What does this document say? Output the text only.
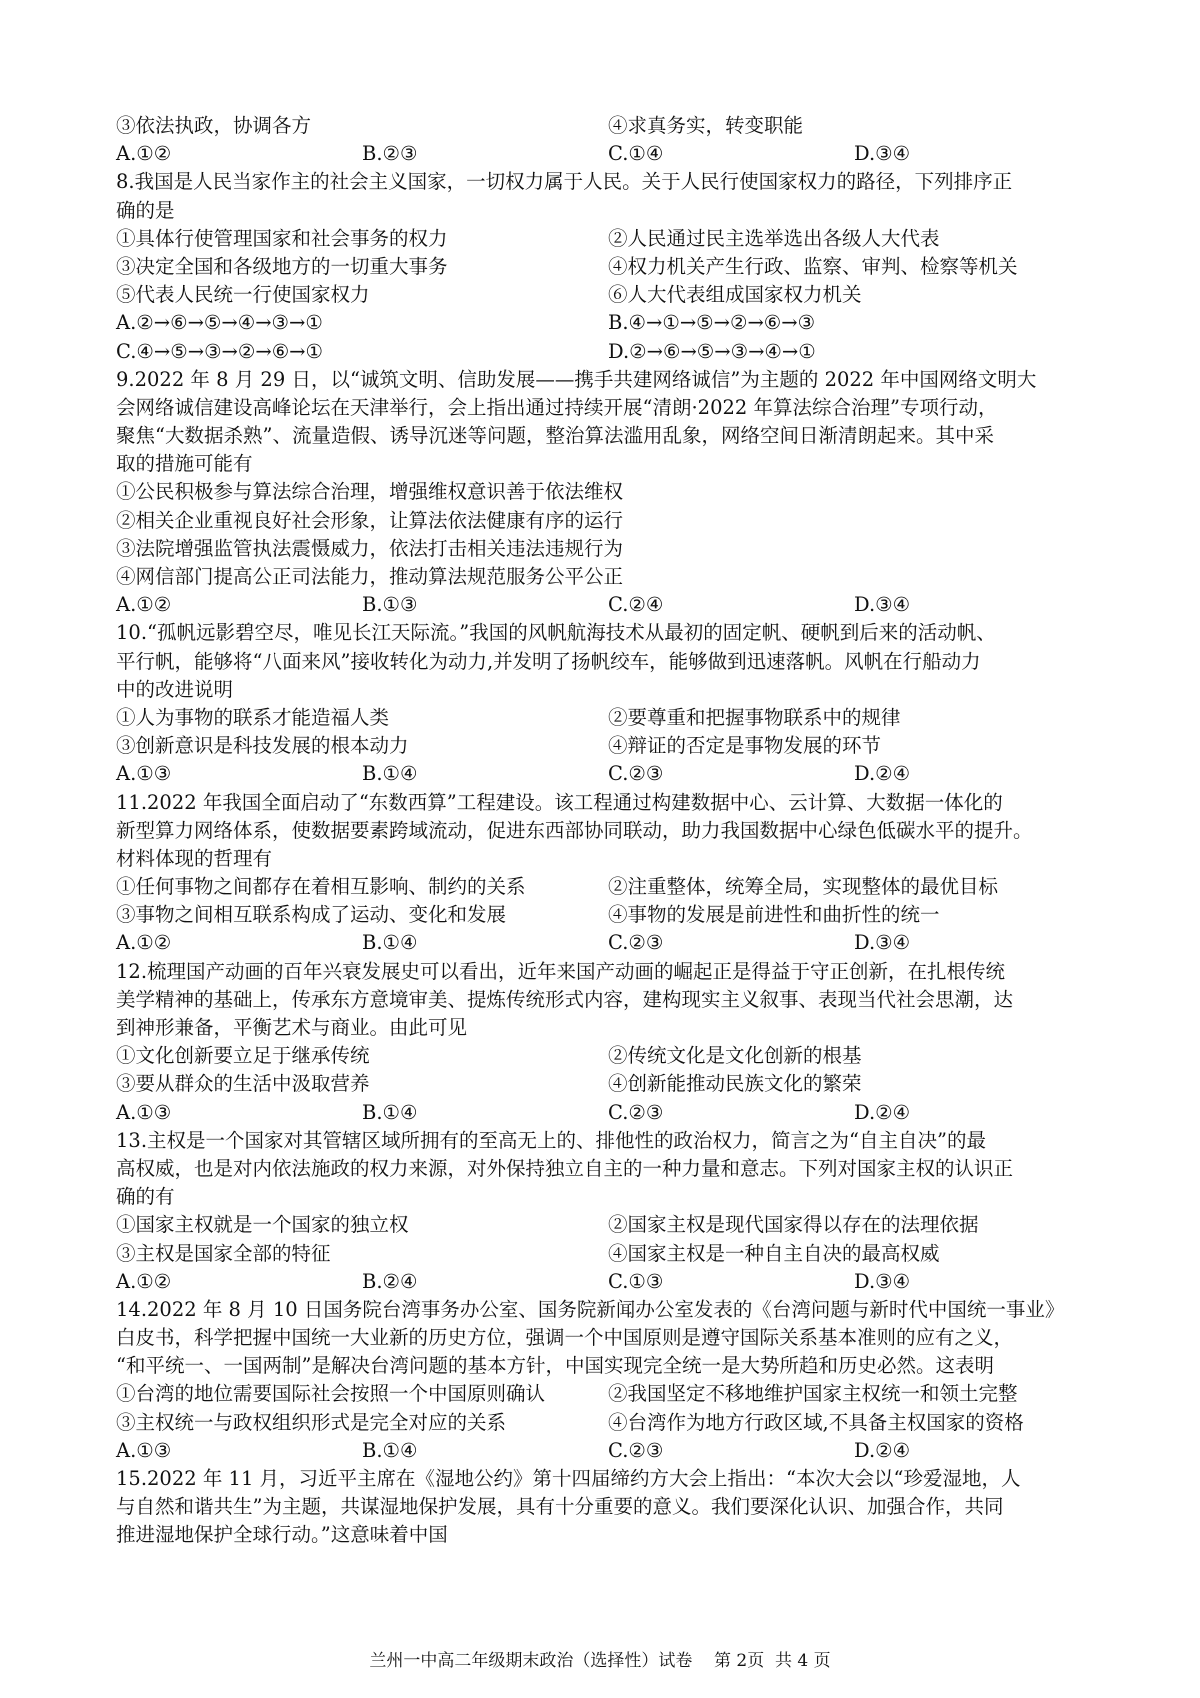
③依法执政，协调各方	④求真务实，转变职能
A.①②	B.②③	C.①④	D.③④
8.我国是人民当家作主的社会主义国家，一切权力属于人民。关于人民行使国家权力的路径，下列排序正
确的是
①具体行使管理国家和社会事务的权力	②人民通过民主选举选出各级人大代表
③决定全国和各级地方的一切重大事务	④权力机关产生行政、监察、审判、检察等机关
⑤代表人民统一行使国家权力	⑥人大代表组成国家权力机关
A.②→⑥→⑤→④→③→①	B.④→①→⑤→②→⑥→③
C.④→⑤→③→②→⑥→①	D.②→⑥→⑤→③→④→①
9.2022 年 8 月 29 日，以“诚筑文明、信助发展——携手共建网络诚信”为主题的 2022 年中国网络文明大
会网络诚信建设高峰论坛在天津举行，会上指出通过持续开展“清朗·2022 年算法综合治理”专项行动，
聚焦“大数据杀熟”、流量造假、诱导沉迷等问题，整治算法滥用乱象，网络空间日渐清朗起来。其中采
取的措施可能有
①公民积极参与算法综合治理，增强维权意识善于依法维权
②相关企业重视良好社会形象，让算法依法健康有序的运行
③法院增强监管执法震慑威力，依法打击相关违法违规行为
④网信部门提高公正司法能力，推动算法规范服务公平公正
A.①②	B.①③	C.②④	D.③④
10.“孤帆远影碧空尽，唯见长江天际流。”我国的风帆航海技术从最初的固定帆、硬帆到后来的活动帆、
平行帆，能够将“八面来风”接收转化为动力,并发明了扬帆绞车，能够做到迅速落帆。风帆在行船动力
中的改进说明
①人为事物的联系才能造福人类	②要尊重和把握事物联系中的规律
③创新意识是科技发展的根本动力	④辩证的否定是事物发展的环节
A.①③	B.①④	C.②③	D.②④
11.2022 年我国全面启动了“东数西算”工程建设。该工程通过构建数据中心、云计算、大数据一体化的
新型算力网络体系，使数据要素跨域流动，促进东西部协同联动，助力我国数据中心绿色低碳水平的提升。
材料体现的哲理有
①任何事物之间都存在着相互影响、制约的关系	②注重整体，统筹全局，实现整体的最优目标
③事物之间相互联系构成了运动、变化和发展	④事物的发展是前进性和曲折性的统一
A.①②	B.①④	C.②③	D.③④
12.梳理国产动画的百年兴衰发展史可以看出，近年来国产动画的崛起正是得益于守正创新，在扎根传统
美学精神的基础上，传承东方意境审美、提炼传统形式内容，建构现实主义叙事、表现当代社会思潮，达
到神形兼备，平衡艺术与商业。由此可见
①文化创新要立足于继承传统	②传统文化是文化创新的根基
③要从群众的生活中汲取营养	④创新能推动民族文化的繁荣
A.①③	B.①④	C.②③	D.②④
13.主权是一个国家对其管辖区域所拥有的至高无上的、排他性的政治权力，简言之为“自主自决”的最
高权威，也是对内依法施政的权力来源，对外保持独立自主的一种力量和意志。下列对国家主权的认识正
确的有
①国家主权就是一个国家的独立权	②国家主权是现代国家得以存在的法理依据
③主权是国家全部的特征	④国家主权是一种自主自决的最高权威
A.①②	B.②④	C.①③	D.③④
14.2022 年 8 月 10 日国务院台湾事务办公室、国务院新闻办公室发表的《台湾问题与新时代中国统一事业》
白皮书，科学把握中国统一大业新的历史方位，强调一个中国原则是遵守国际关系基本准则的应有之义，
“和平统一、一国两制”是解决台湾问题的基本方针，中国实现完全统一是大势所趋和历史必然。这表明
①台湾的地位需要国际社会按照一个中国原则确认	②我国坚定不移地维护国家主权统一和领土完整
③主权统一与政权组织形式是完全对应的关系	④台湾作为地方行政区域,不具备主权国家的资格
A.①③	B.①④	C.②③	D.②④
15.2022 年 11 月，习近平主席在《湿地公约》第十四届缔约方大会上指出：“本次大会以“珍爱湿地，人
与自然和谐共生”为主题，共谋湿地保护发展，具有十分重要的意义。我们要深化认识、加强合作，共同
推进湿地保护全球行动。”这意味着中国
兰州一中高二年级期末政治（选择性）试卷    第 2页  共 4 页
